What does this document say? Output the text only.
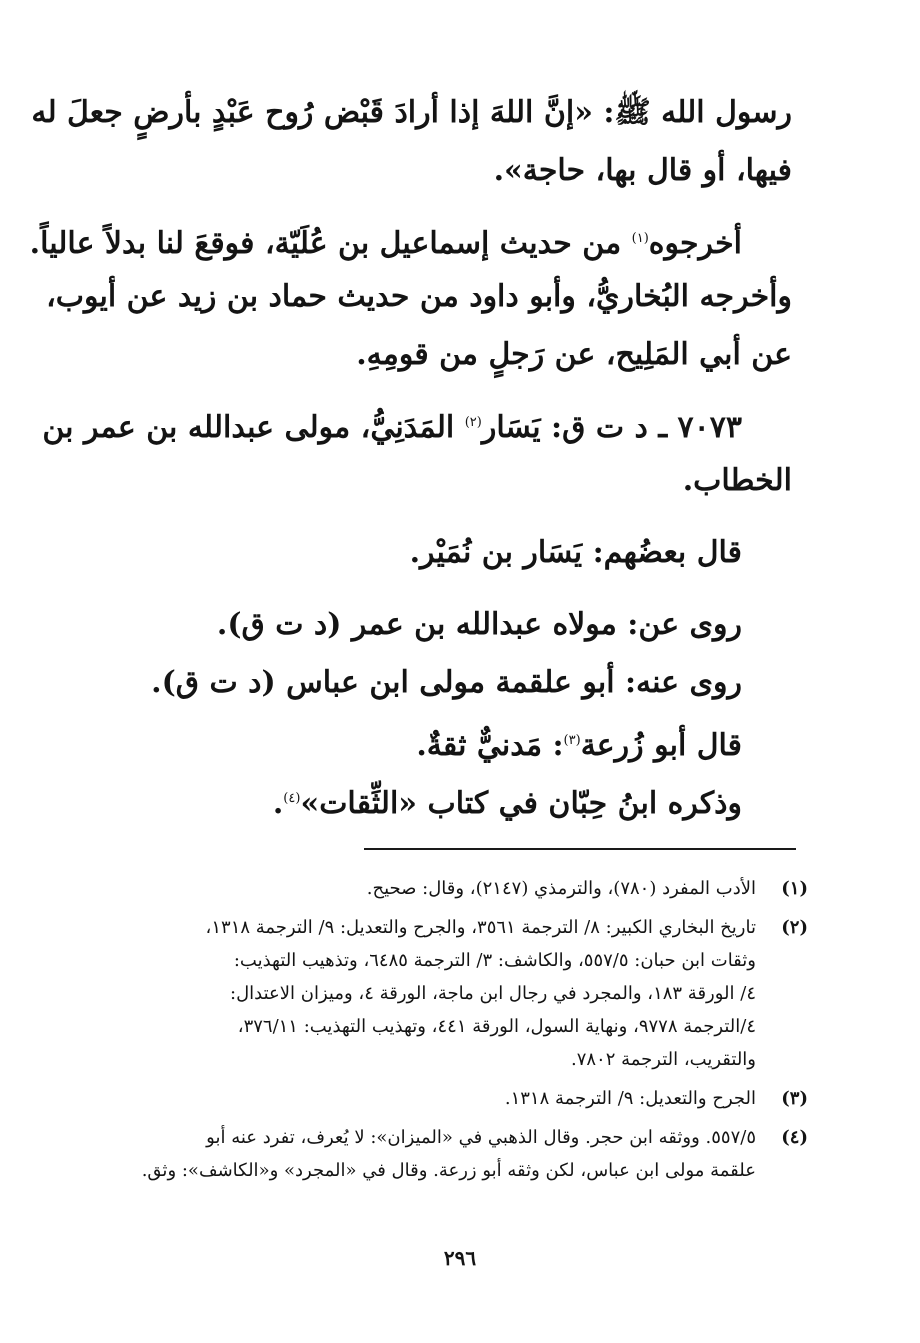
رسول الله ﷺ: «إنَّ اللهَ إذا أرادَ قَبْض رُوح عَبْدٍ بأرضٍ جعلَ له
فيها، أو قال بها، حاجة».
أخرجوه$^{(١)}$ من حديث إسماعيل بن عُلَيّة، فوقعَ لنا بدلاً عالياً.
وأخرجه البُخاريُّ، وأبو داود من حديث حماد بن زيد عن أيوب،
عن أبي المَلِيح، عن رَجلٍ من قومِهِ.
٧٠٧٣ ـ د ت ق: يَسَار$^{(٢)}$ المَدَنِيُّ، مولى عبدالله بن عمر بن
الخطاب.
قال بعضُهم: يَسَار بن نُمَيْر.
روى عن: مولاه عبدالله بن عمر (د ت ق).
روى عنه: أبو علقمة مولى ابن عباس (د ت ق).
قال أبو زُرعة$^{(٣)}$: مَدنيٌّ ثقةٌ.
وذكره ابنُ حِبّان في كتاب «الثِّقات»$^{(٤)}$.
(١)
الأدب المفرد (٧٨٠)، والترمذي (٢١٤٧)، وقال: صحيح.
(٢)
تاريخ البخاري الكبير: ٨/ الترجمة ٣٥٦١، والجرح والتعديل: ٩/ الترجمة ١٣١٨،
وثقات ابن حبان: ٥٥٧/٥، والكاشف: ٣/ الترجمة ٦٤٨٥، وتذهيب التهذيب:
٤/ الورقة ١٨٣، والمجرد في رجال ابن ماجة، الورقة ٤، وميزان الاعتدال:
٤/الترجمة ٩٧٧٨، ونهاية السول، الورقة ٤٤١، وتهذيب التهذيب: ٣٧٦/١١،
والتقريب، الترجمة ٧٨٠٢.
(٣)
الجرح والتعديل: ٩/ الترجمة ١٣١٨.
(٤)
٥٥٧/٥. ووثقه ابن حجر. وقال الذهبي في «الميزان»: لا يُعرف، تفرد عنه أبو
علقمة مولى ابن عباس، لكن وثقه أبو زرعة. وقال في «المجرد» و«الكاشف»: وثق.
٢٩٦
